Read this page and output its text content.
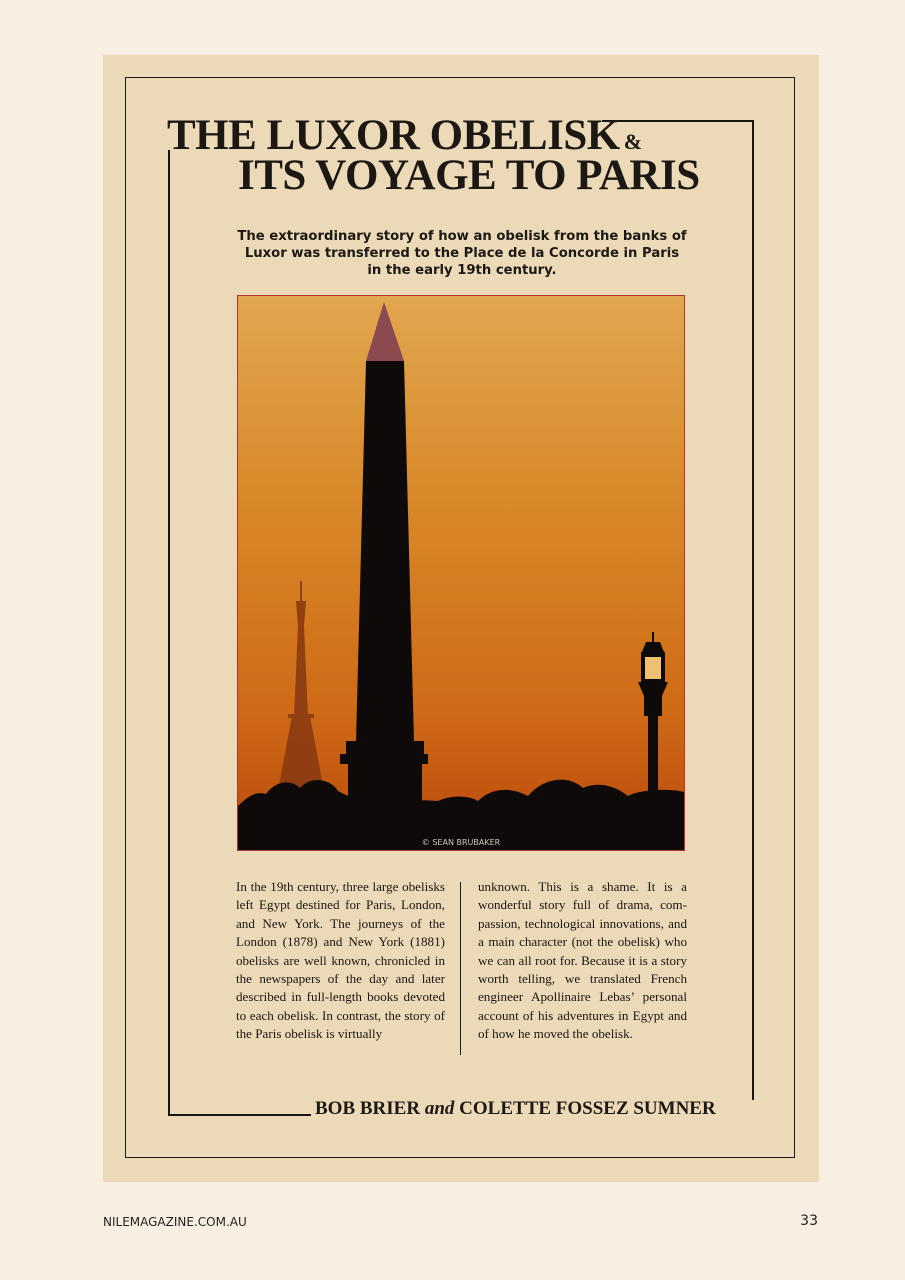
THE LUXOR OBELISK &
ITS VOYAGE TO PARIS

The extraordinary story of how an obelisk from the banks of Luxor was transferred to the Place de la Concorde in Paris in the early 19th century.

© SEAN BRUBAKER

In the 19th century, three large obelisks left Egypt destined for Paris, London, and New York. The journeys of the London (1878) and New York (1881) obelisks are well known, chronicled in the newspapers of the day and later described in full-length books devoted to each obelisk. In contrast, the story of the Paris obelisk is virtually

unknown. This is a shame. It is a wonderful story full of drama, compassion, technological innovations, and a main character (not the obelisk) who we can all root for. Because it is a story worth telling, we translated French engineer Apollinaire Lebas’ personal account of his adventures in Egypt and of how he moved the obelisk.

BOB BRIER and COLETTE FOSSEZ SUMNER

NILEMAGAZINE.COM.AU	33
